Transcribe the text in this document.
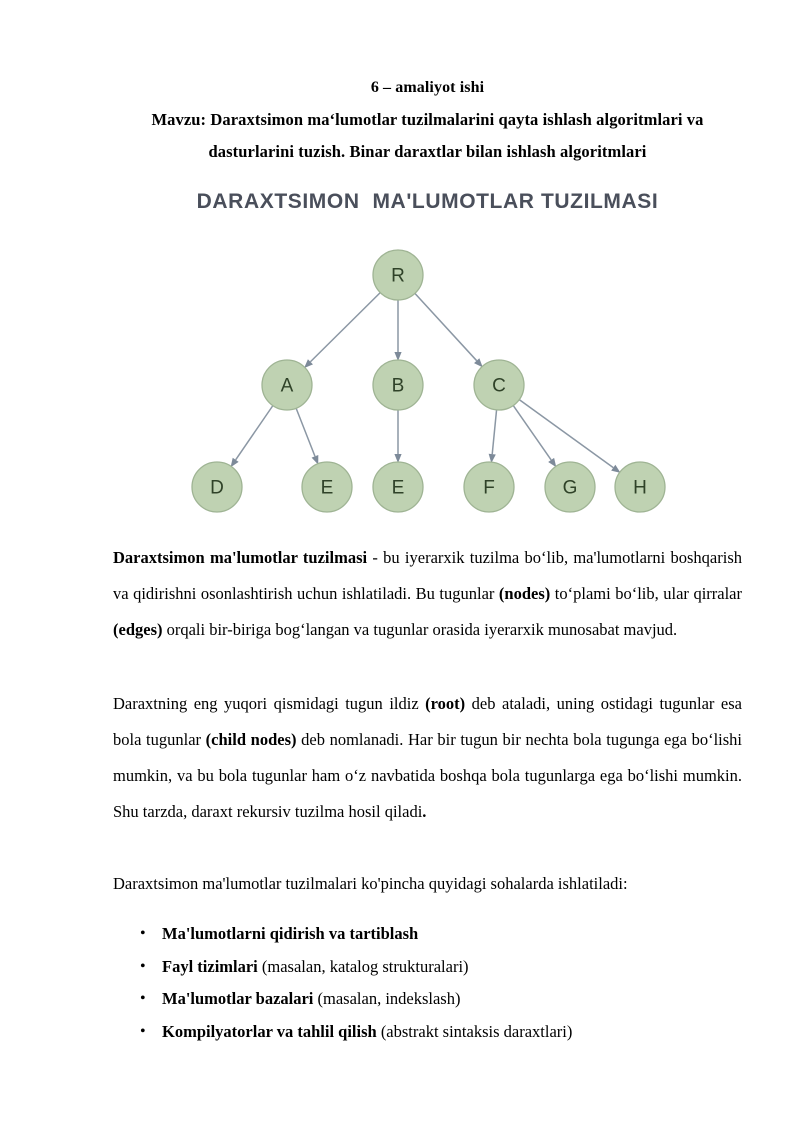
6 – amaliyot ishi
Mavzu: Daraxtsimon ma‘lumotlar tuzilmalarini qayta ishlash algoritmlari va
dasturlarini tuzish. Binar daraxtlar bilan ishlash algoritmlari
DARAXTSIMON  MA'LUMOTLAR TUZILMASI
R
A	B	C
D	E	E	F	G	H

Daraxtsimon ma'lumotlar tuzilmasi - bu iyerarxik tuzilma bo‘lib, ma'lumotlarni boshqarish va qidirishni osonlashtirish uchun ishlatiladi. Bu tugunlar (nodes) to‘plami bo‘lib, ular qirralar (edges) orqali bir-biriga bog‘langan va tugunlar orasida iyerarxik munosabat mavjud.

Daraxtning eng yuqori qismidagi tugun ildiz (root) deb ataladi, uning ostidagi tugunlar esa bola tugunlar (child nodes) deb nomlanadi. Har bir tugun bir nechta bola tugunga ega bo‘lishi mumkin, va bu bola tugunlar ham o‘z navbatida boshqa bola tugunlarga ega bo‘lishi mumkin. Shu tarzda, daraxt rekursiv tuzilma hosil qiladi.

Daraxtsimon ma'lumotlar tuzilmalari ko'pincha quyidagi sohalarda ishlatiladi:

• Ma'lumotlarni qidirish va tartiblash
• Fayl tizimlari (masalan, katalog strukturalari)
• Ma'lumotlar bazalari (masalan, indekslash)
• Kompilyatorlar va tahlil qilish (abstrakt sintaksis daraxtlari)
